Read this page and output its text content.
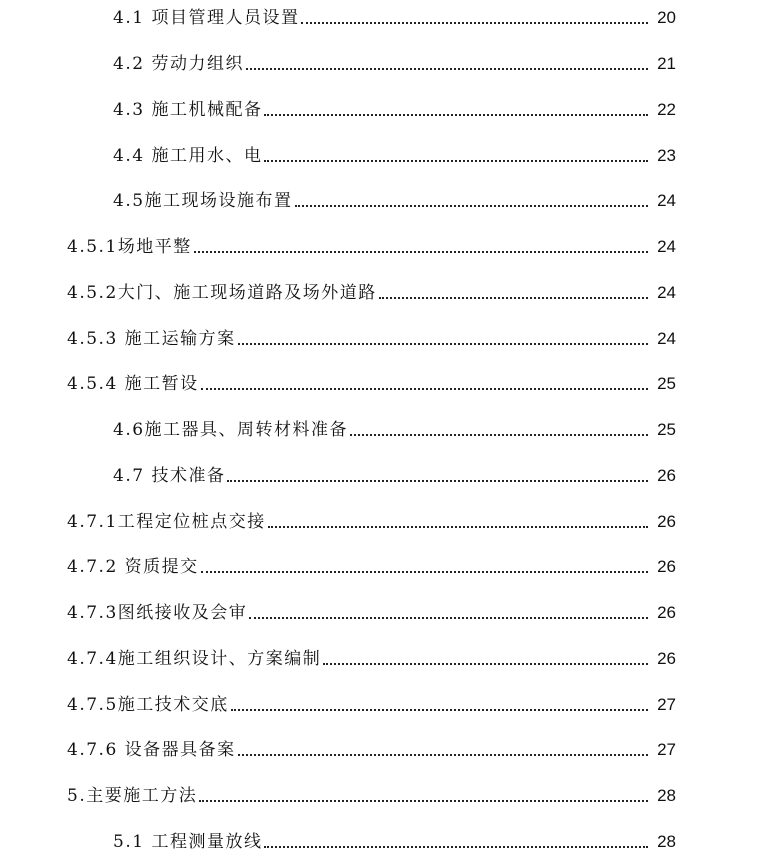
4.1 项目管理人员设置	20
4.2 劳动力组织	21
4.3 施工机械配备	22
4.4 施工用水、电	23
4.5施工现场设施布置	24
4.5.1场地平整	24
4.5.2大门、施工现场道路及场外道路	24
4.5.3 施工运输方案	24
4.5.4 施工暂设	25
4.6施工器具、周转材料准备	25
4.7 技术准备	26
4.7.1工程定位桩点交接	26
4.7.2 资质提交	26
4.7.3图纸接收及会审	26
4.7.4施工组织设计、方案编制	26
4.7.5施工技术交底	27
4.7.6 设备器具备案	27
5.主要施工方法	28
5.1 工程测量放线	28
